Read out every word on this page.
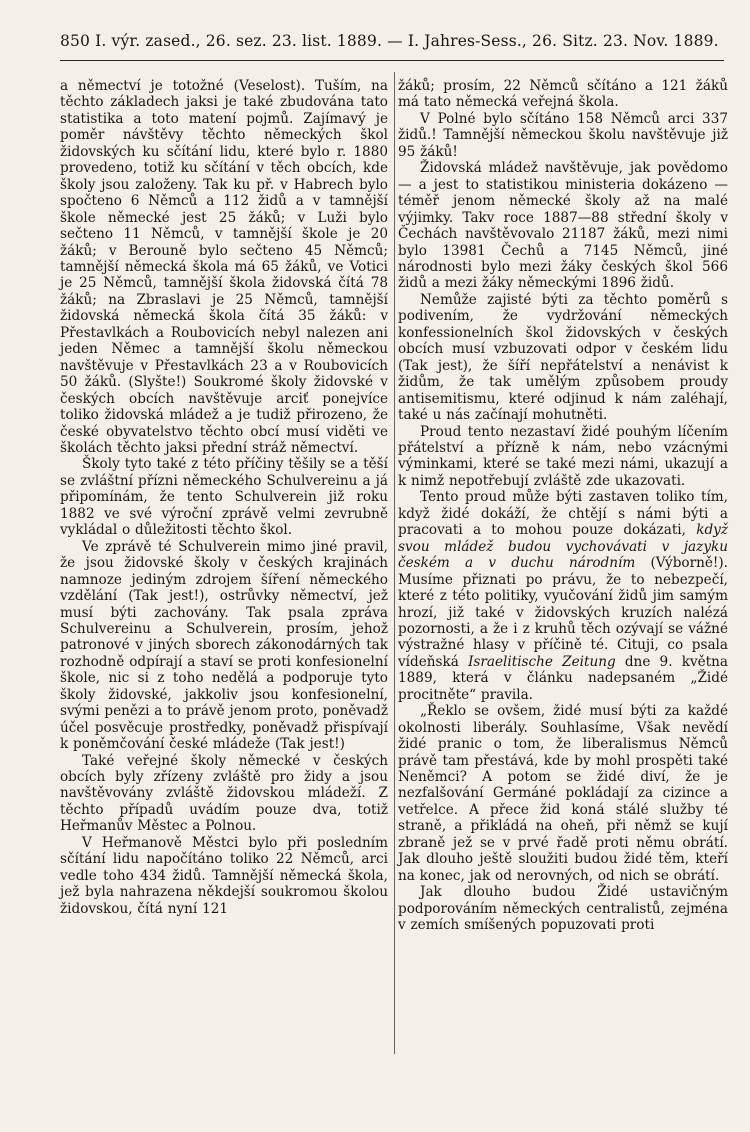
850 I. výr. zased., 26. sez. 23. list. 1889. — I. Jahres-Sess., 26. Sitz. 23. Nov. 1889.

a němectví je totožné (Veselost). Tuším, na těchto základech jaksi je také zbudována tato statistika a toto matení pojmů. Zajímavý je poměr návštěvy těchto německých škol židovských ku sčítání lidu, které bylo r. 1880 provedeno, totiž ku sčítání v těch obcích, kde školy jsou založeny. Tak ku př. v Habrech bylo spočteno 6 Němců a 112 židů a v tamnější škole německé jest 25 žáků; v Luži bylo sečteno 11 Němců, v tamnější škole je 20 žáků; v Berouně bylo sečteno 45 Němců; tamnější německá škola má 65 žáků, ve Votici je 25 Němců, tamnější škola židovská čítá 78 žáků; na Zbraslavi je 25 Němců, tamnější židovská německá škola čítá 35 žáků: v Přestavlkách a Roubovicích nebyl nalezen ani jeden Němec a tamnější školu německou navštěvuje v Přestavlkách 23 a v Roubovicích 50 žáků. (Slyšte!) Soukromé školy židovské v českých obcích navštěvuje arciť ponejvíce toliko židovská mládež a je tudiž přirozeno, že české obyvatelstvo těchto obcí musí viděti ve školách těchto jaksi přední stráž němectví.

Školy tyto také z této příčiny těšily se a těší se zvláštní přízni německého Schulvereinu a já připomínám, že tento Schulverein již roku 1882 ve své výroční zprávě velmi zevrubně vykládal o důležitosti těchto škol.

Ve zprávě té Schulverein mimo jiné pravil, že jsou židovské školy v českých krajinách namnoze jediným zdrojem šíření německého vzdělání (Tak jest!), ostrůvky němectví, jež musí býti zachovány. Tak psala zpráva Schulvereinu a Schulverein, prosím, jehož patronové v jiných sborech zákonodárných tak rozhodně odpírají a staví se proti konfesionelní škole, nic si z toho nedělá a podporuje tyto školy židovské, jakkoliv jsou konfesionelní, svými penězi a to právě jenom proto, poněvadž účel posvěcuje prostředky, poněvadž přispívají k poněmčování české mládeže (Tak jest!)

Také veřejné školy německé v českých obcích byly zřízeny zvláště pro židy a jsou navštěvovány zvláště židovskou mládeží. Z těchto případů uvádím pouze dva, totiž Heřmanův Městec a Polnou.

V Heřmanově Městci bylo při posledním sčítání lidu napočítáno toliko 22 Němců, arci vedle toho 434 židů. Tamnější německá škola, jež byla nahrazena někdejší soukromou školou židovskou, čítá nyní 121

žáků; prosím, 22 Němců sčítáno a 121 žáků má tato německá veřejná škola.

V Polné bylo sčítáno 158 Němců arci 337 židů.! Tamnější německou školu navštěvuje již 95 žáků!

Židovská mládež navštěvuje, jak povědomo — a jest to statistikou ministeria dokázeno — téměř jenom německé školy až na malé výjimky. Takv roce 1887—88 střední školy v Čechách navštěvovalo 21187 žáků, mezi nimi bylo 13981 Čechů a 7145 Němců, jiné národnosti bylo mezi žáky českých škol 566 židů a mezi žáky německými 1896 židů.

Nemůže zajisté býti za těchto poměrů s podivením, že vydržování německých konfessionelních škol židovských v českých obcích musí vzbuzovati odpor v českém lidu (Tak jest), že šíří nepřátelství a nenávist k židům, že tak umělým způsobem proudy antisemitismu, které odjinud k nám zaléhají, také u nás začínají mohutněti.

Proud tento nezastaví židé pouhým líčením přátelství a přízně k nám, nebo vzácnými výminkami, které se také mezi námi, ukazují a k nimž nepotřebují zvláště zde ukazovati.

Tento proud může býti zastaven toliko tím, když židé dokáží, že chtějí s námi býti a pracovati a to mohou pouze dokázati, když svou mládež budou vychovávati v jazyku českém a v duchu národním (Výborně!). Musíme přiznati po právu, že to nebezpečí, které z této politiky, vyučování židů jim samým hrozí, již také v židovských kruzích nalézá pozornosti, a že i z kruhů těch ozývají se vážné výstražné hlasy v příčině té. Cituji, co psala vídeňská Israelitische Zeitung dne 9. května 1889, která v článku nadepsaném „Židé procitněte“ pravila.

„Řeklo se ovšem, židé musí býti za každé okolnosti liberály. Souhlasíme, Však nevědí židé pranic o tom, že liberalismus Němců právě tam přestává, kde by mohl prospěti také Neněmci? A potom se židé diví, že je nezfalšování Germáné pokládají za cizince a vetřelce. A přece žid koná stálé služby té straně, a přikládá na oheň, při němž se kují zbraně jež se v prvé řadě proti němu obrátí. Jak dlouho ještě sloužiti budou židé těm, kteří na konec, jak od nerovných, od nich se obrátí.

Jak dlouho budou Židé ustavičným podporováním německých centralistů, zejména v zemích smíšených popuzovati proti
